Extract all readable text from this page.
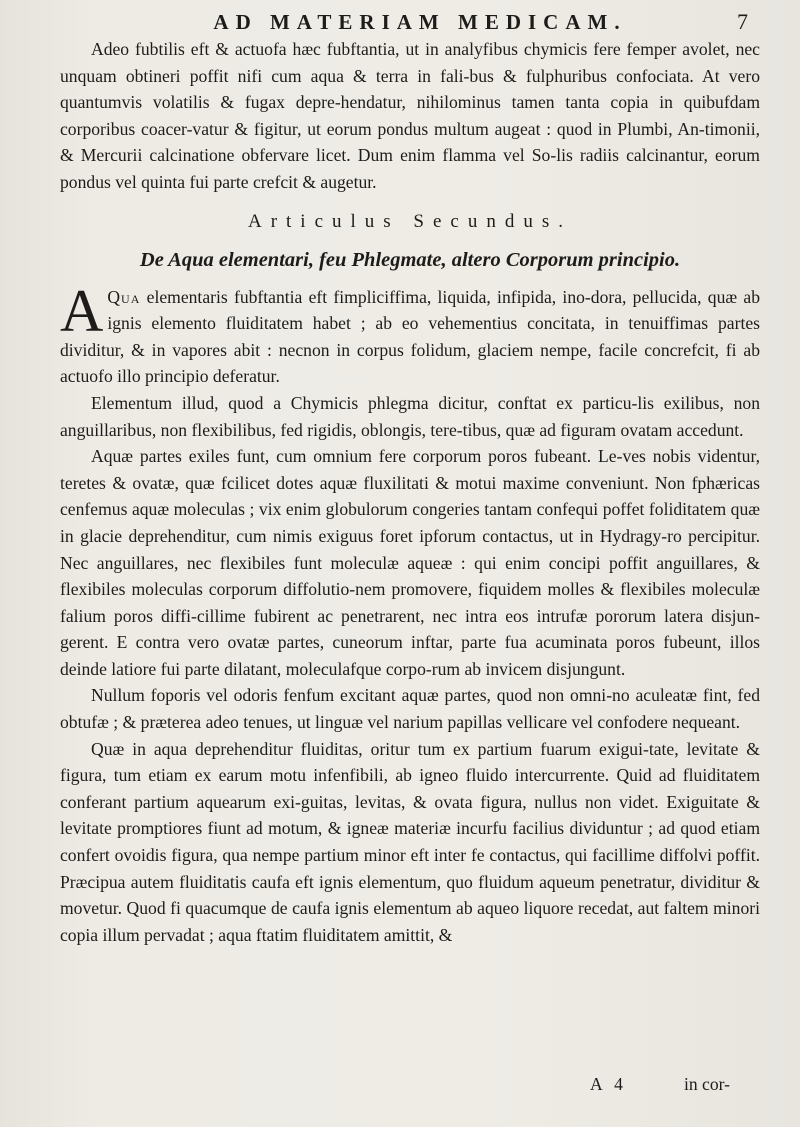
AD MATERIAM MEDICAM.	7

Adeo fubtilis eft & actuofa hæc fubftantia, ut in analyfibus chymicis fere femper avolet, nec unquam obtineri poffit nifi cum aqua & terra in fali-bus & fulphuribus confociata. At vero quantumvis volatilis & fugax depre-hendatur, nihilominus tamen tanta copia in quibufdam corporibus coacer-vatur & figitur, ut eorum pondus multum augeat : quod in Plumbi, An-timonii, & Mercurii calcinatione obfervare licet. Dum enim flamma vel So-lis radiis calcinantur, eorum pondus vel quinta fui parte crefcit & augetur.

Articulus Secundus.
De Aqua elementari, feu Phlegmate, altero Corporum principio.

A Qua elementaris fubftantia eft fimpliciffima, liquida, infipida, ino-dora, pellucida, quæ ab ignis elemento fluiditatem habet ; ab eo vehementius concitata, in tenuiffimas partes dividitur, & in vapores abit : necnon in corpus folidum, glaciem nempe, facile concrefcit, fi ab actuofo illo principio deferatur.

Elementum illud, quod a Chymicis phlegma dicitur, conftat ex particu-lis exilibus, non anguillaribus, non flexibilibus, fed rigidis, oblongis, tere-tibus, quæ ad figuram ovatam accedunt.

Aquæ partes exiles funt, cum omnium fere corporum poros fubeant. Le-ves nobis videntur, teretes & ovatæ, quæ fcilicet dotes aquæ fluxilitati & motui maxime conveniunt. Non fphæricas cenfemus aquæ moleculas ; vix enim globulorum congeries tantam confequi poffet foliditatem quæ in glacie deprehenditur, cum nimis exiguus foret ipforum contactus, ut in Hydragy-ro percipitur. Nec anguillares, nec flexibiles funt moleculæ aqueæ : qui enim concipi poffit anguillares, & flexibiles moleculas corporum diffolutio-nem promovere, fiquidem molles & flexibiles moleculæ falium poros diffi-cillime fubirent ac penetrarent, nec intra eos intrufæ pororum latera disjun-gerent. E contra vero ovatæ partes, cuneorum inftar, parte fua acuminata poros fubeunt, illos deinde latiore fui parte dilatant, moleculafque corpo-rum ab invicem disjungunt.

Nullum foporis vel odoris fenfum excitant aquæ partes, quod non omni-no aculeatæ fint, fed obtufæ ; & præterea adeo tenues, ut linguæ vel narium papillas vellicare vel confodere nequeant.

Quæ in aqua deprehenditur fluiditas, oritur tum ex partium fuarum exigui-tate, levitate & figura, tum etiam ex earum motu infenfibili, ab igneo fluido intercurrente. Quid ad fluiditatem conferant partium aquearum exi-guitas, levitas, & ovata figura, nullus non videt. Exiguitate & levitate promptiores fiunt ad motum, & igneæ materiæ incurfu facilius dividuntur ; ad quod etiam confert ovoidis figura, qua nempe partium minor eft inter fe contactus, qui facillime diffolvi poffit. Præcipua autem fluiditatis caufa eft ignis elementum, quo fluidum aqueum penetratur, dividitur & movetur. Quod fi quacumque de caufa ignis elementum ab aqueo liquore recedat, aut faltem minori copia illum pervadat ; aqua ftatim fluiditatem amittit, &

A 4	in cor-
